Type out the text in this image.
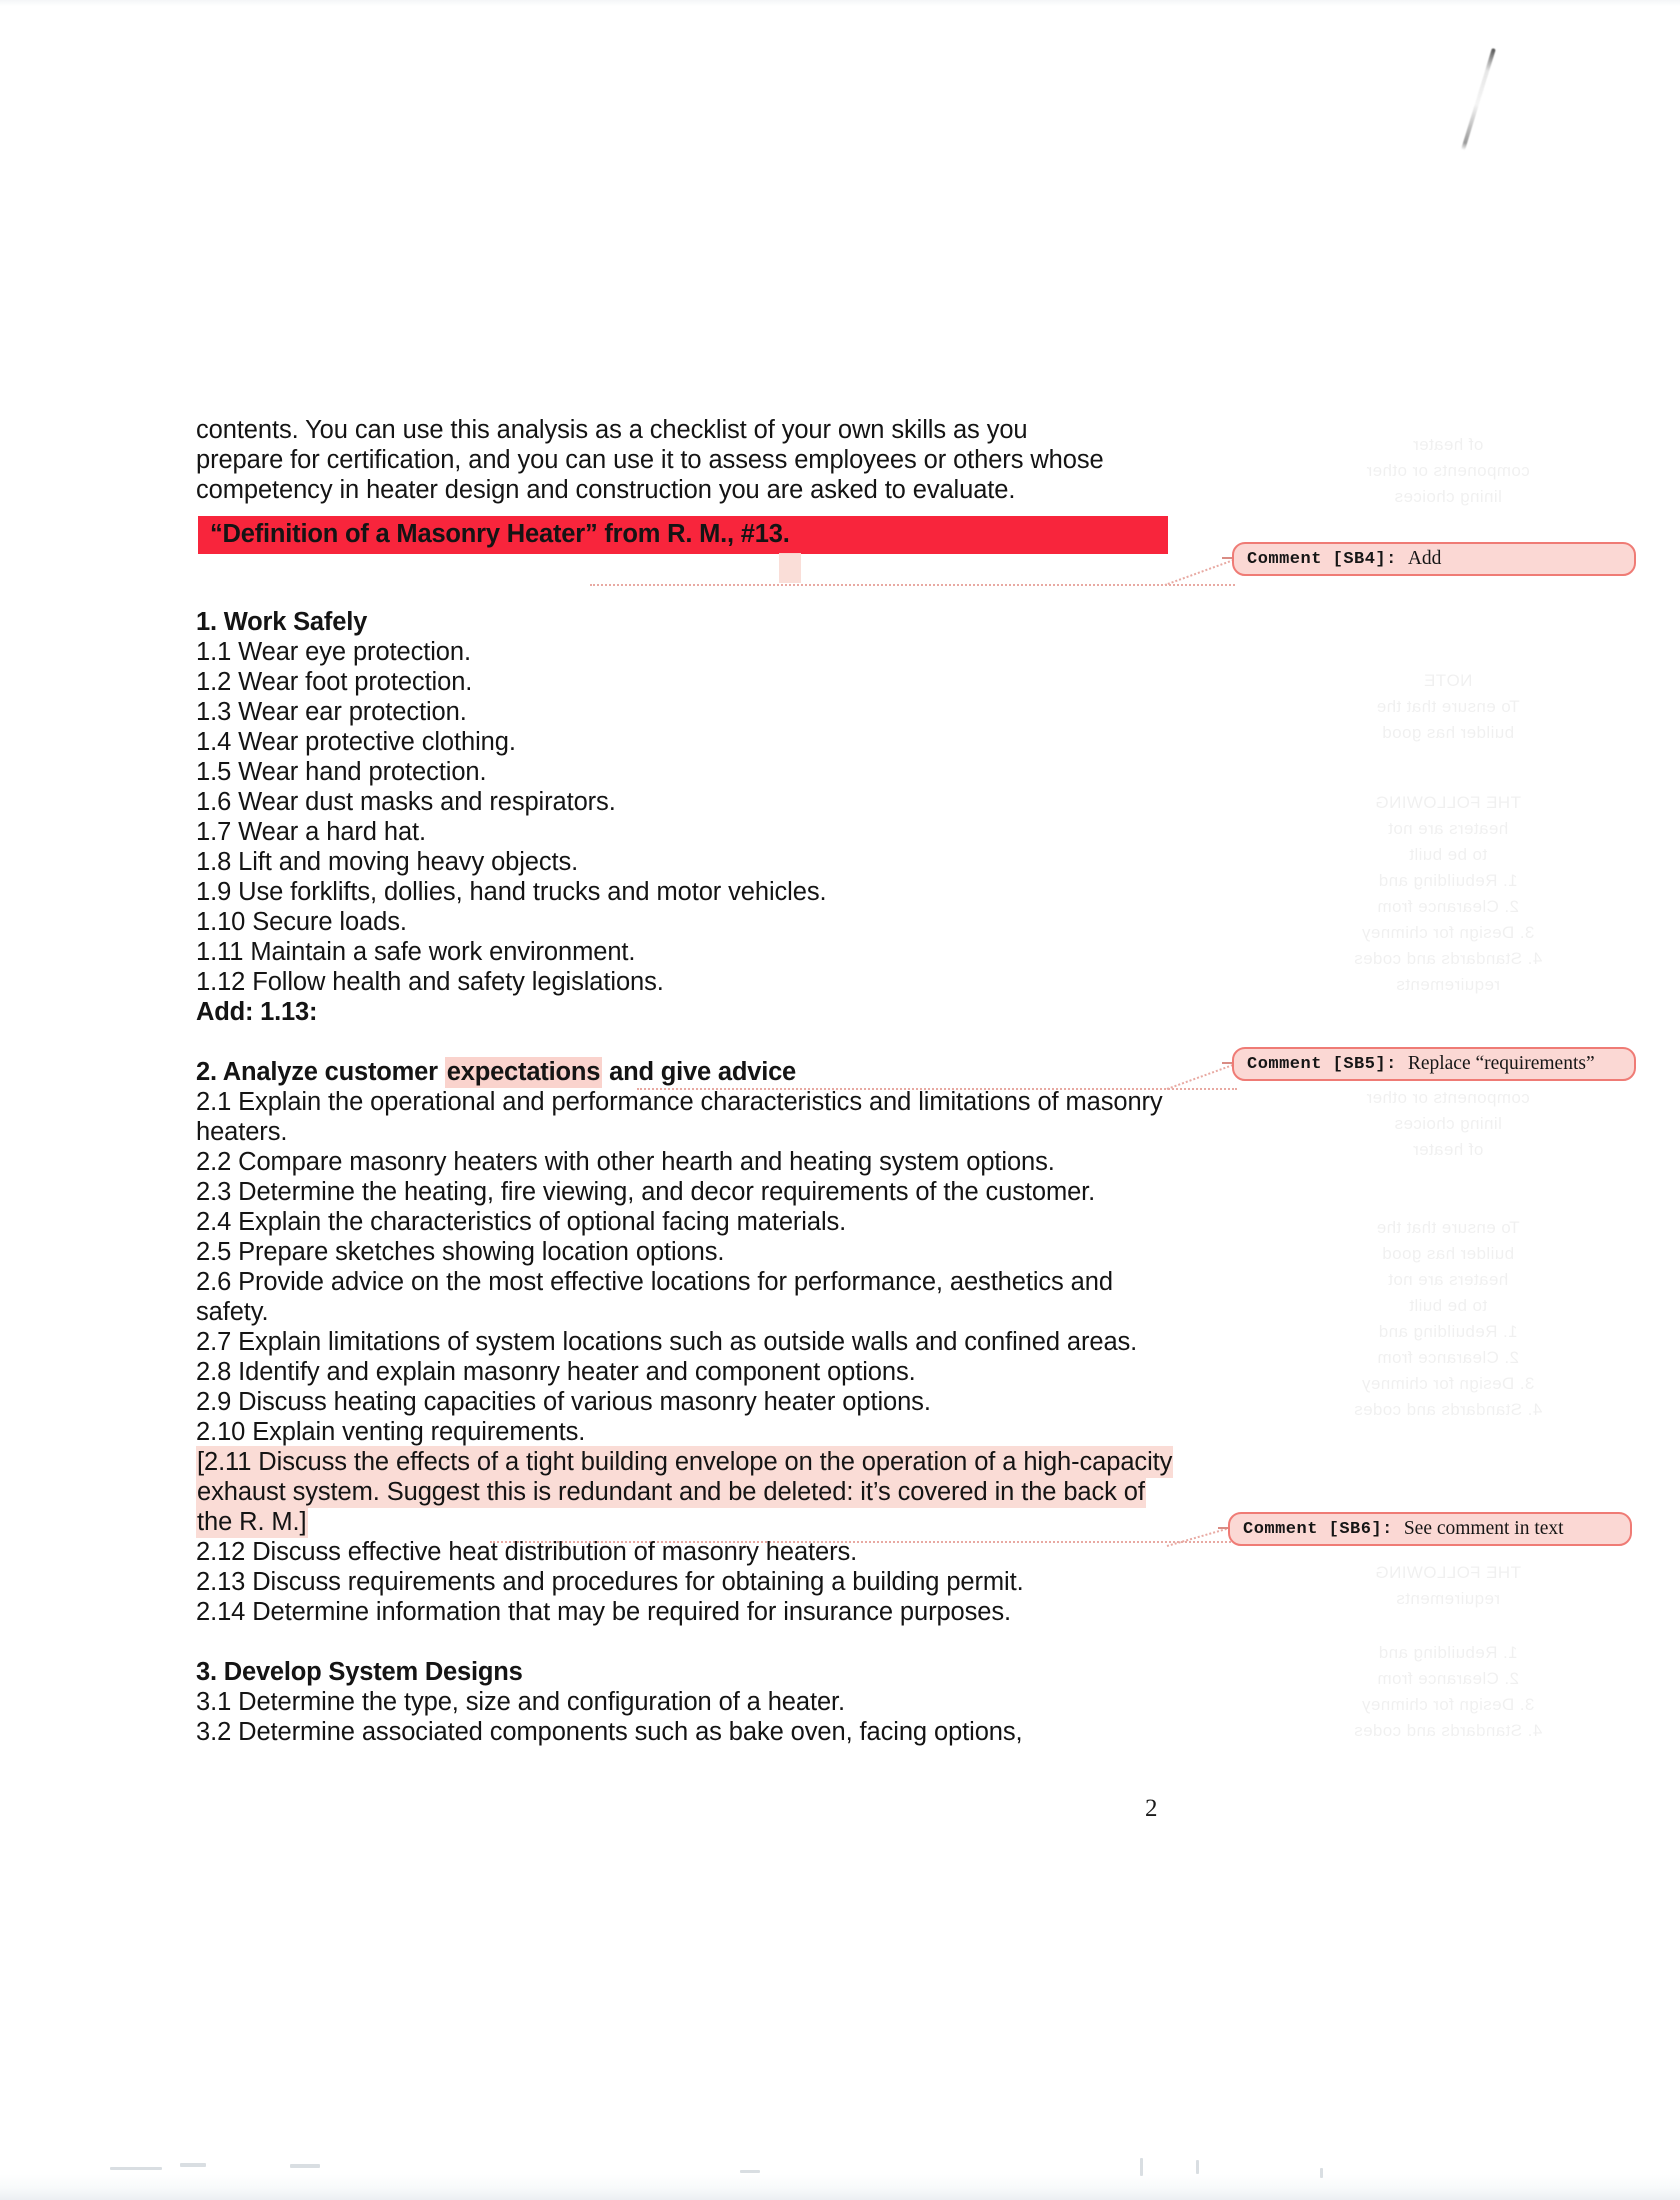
of heater
components or other
lining choices
NOTE
To ensure that the
builder has good
THE FOLLOWING
heaters are not
to be built
1. Rebuilding and
2. Clearance from
3. Design for chimney
4. Standards and codes
requirements
components or other
lining choices
of heater
To ensure that the
builder has good
heaters are not
to be built
1. Rebuilding and
2. Clearance from
3. Design for chimney
4. Standards and codes
THE FOLLOWING
requirements
1. Rebuilding and
2. Clearance from
3. Design for chimney
4. Standards and codes

contents. You can use this analysis as a checklist of your own skills as you

prepare for certification, and you can use it to assess employees or others whose

competency in heater design and construction you are asked to evaluate.

“Definition of a Masonry Heater” from R. M., #13.

1. Work Safely

1.1 Wear eye protection.

1.2 Wear foot protection.

1.3 Wear ear protection.

1.4 Wear protective clothing.

1.5 Wear hand protection.

1.6 Wear dust masks and respirators.

1.7 Wear a hard hat.

1.8 Lift and moving heavy objects.

1.9 Use forklifts, dollies, hand trucks and motor vehicles.

1.10 Secure loads.

1.11 Maintain a safe work environment.

1.12 Follow health and safety legislations.

Add: 1.13:

2. Analyze customer expectations and give advice

2.1 Explain the operational and performance characteristics and limitations of masonry heaters.

2.2 Compare masonry heaters with other hearth and heating system options.

2.3 Determine the heating, fire viewing, and decor requirements of the customer.

2.4 Explain the characteristics of optional facing materials.

2.5 Prepare sketches showing location options.

2.6 Provide advice on the most effective locations for performance, aesthetics and safety.

2.7 Explain limitations of system locations such as outside walls and confined areas.

2.8 Identify and explain masonry heater and component options.

2.9 Discuss heating capacities of various masonry heater options.

2.10 Explain venting requirements.

[2.11 Discuss the effects of a tight building envelope on the operation of a high-capacity exhaust system. Suggest this is redundant and be deleted: it’s covered in the back of the R. M.]

2.12 Discuss effective heat distribution of masonry heaters.

2.13 Discuss requirements and procedures for obtaining a building permit.

2.14 Determine information that may be required for insurance purposes.

3. Develop System Designs

3.1 Determine the type, size and configuration of a heater.

3.2 Determine associated components such as bake oven, facing options,

Comment [SB4]: Add
Comment [SB5]: Replace “requirements”
Comment [SB6]: See comment in text
2
